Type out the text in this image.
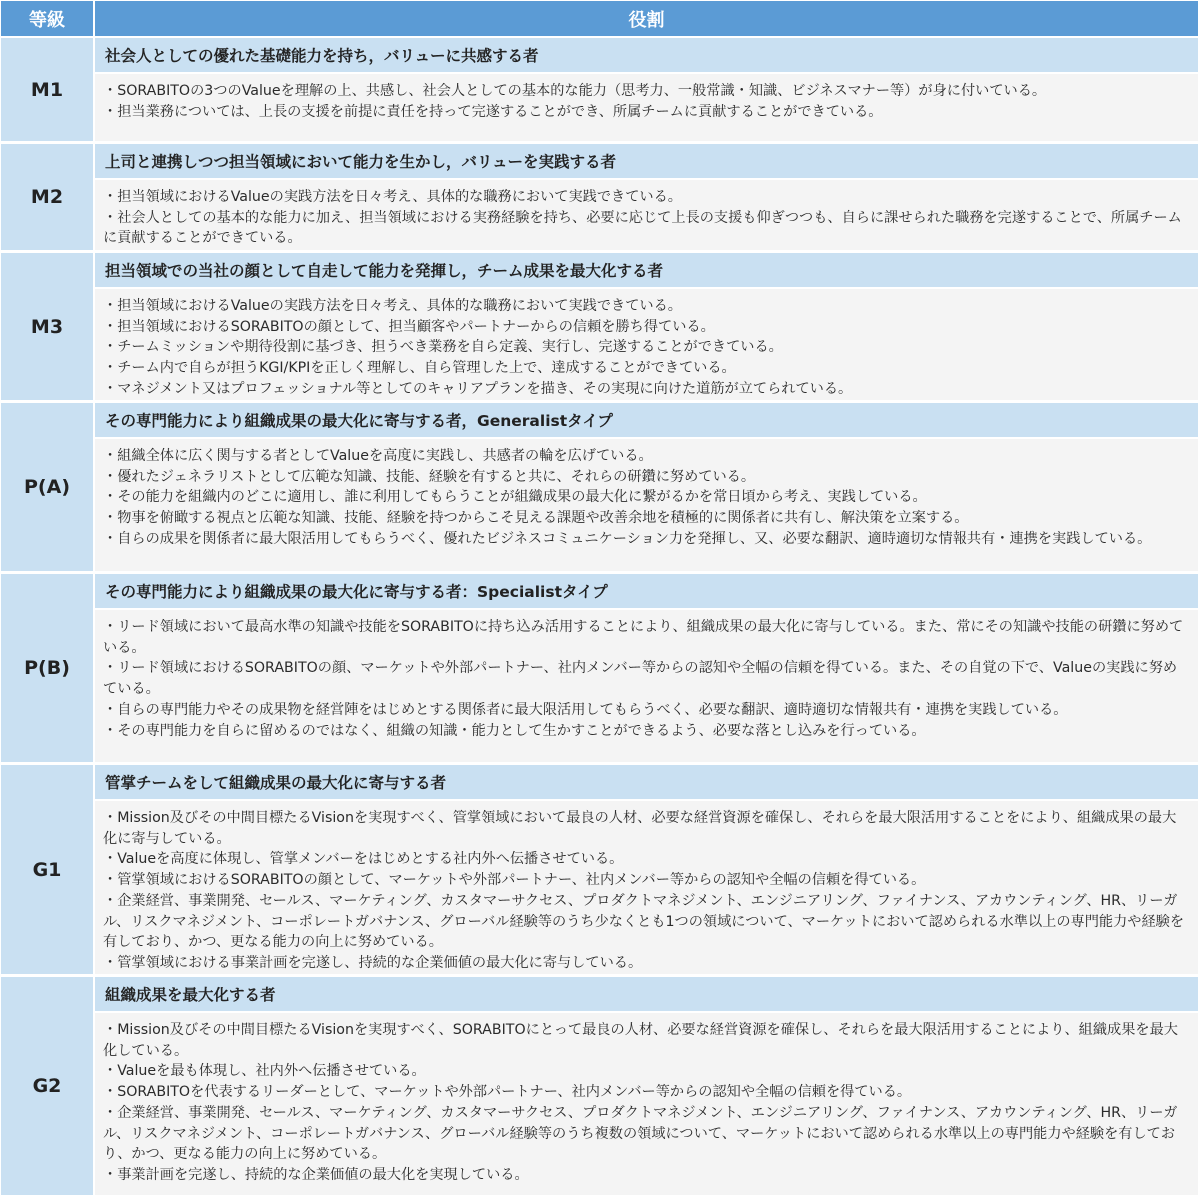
等級	役割
M1
社会人としての優れた基礎能力を持ち，バリューに共感する者

・SORABITOの3つのValueを理解の上、共感し、社会人としての基本的な能力（思考力、一般常識・知識、ビジネスマナー等）が身に付いている。

・担当業務については、上長の支援を前提に責任を持って完遂することができ、所属チームに貢献することができている。

M2
上司と連携しつつ担当領域において能力を生かし，バリューを実践する者

・担当領域におけるValueの実践方法を日々考え、具体的な職務において実践できている。

・社会人としての基本的な能力に加え、担当領域における実務経験を持ち、必要に応じて上長の支援も仰ぎつつも、自らに課せられた職務を完遂することで、所属チームに貢献することができている。

M3
担当領域での当社の顔として自走して能力を発揮し，チーム成果を最大化する者

・担当領域におけるValueの実践方法を日々考え、具体的な職務において実践できている。

・担当領域におけるSORABITOの顔として、担当顧客やパートナーからの信頼を勝ち得ている。

・チームミッションや期待役割に基づき、担うべき業務を自ら定義、実行し、完遂することができている。

・チーム内で自らが担うKGI/KPIを正しく理解し、自ら管理した上で、達成することができている。

・マネジメント又はプロフェッショナル等としてのキャリアプランを描き、その実現に向けた道筋が立てられている。

P(A)
その専門能力により組織成果の最大化に寄与する者，Generalistタイプ

・組織全体に広く関与する者としてValueを高度に実践し、共感者の輪を広げている。

・優れたジェネラリストとして広範な知識、技能、経験を有すると共に、それらの研鑽に努めている。

・その能力を組織内のどこに適用し、誰に利用してもらうことが組織成果の最大化に繋がるかを常日頃から考え、実践している。

・物事を俯瞰する視点と広範な知識、技能、経験を持つからこそ見える課題や改善余地を積極的に関係者に共有し、解決策を立案する。

・自らの成果を関係者に最大限活用してもらうべく、優れたビジネスコミュニケーション力を発揮し、又、必要な翻訳、適時適切な情報共有・連携を実践している。

P(B)
その専門能力により組織成果の最大化に寄与する者：Specialistタイプ

・リード領域において最高水準の知識や技能をSORABITOに持ち込み活用することにより、組織成果の最大化に寄与している。また、常にその知識や技能の研鑽に努めている。

・リード領域におけるSORABITOの顔、マーケットや外部パートナー、社内メンバー等からの認知や全幅の信頼を得ている。また、その自覚の下で、Valueの実践に努めている。

・自らの専門能力やその成果物を経営陣をはじめとする関係者に最大限活用してもらうべく、必要な翻訳、適時適切な情報共有・連携を実践している。

・その専門能力を自らに留めるのではなく、組織の知識・能力として生かすことができるよう、必要な落とし込みを行っている。

G1
管掌チームをして組織成果の最大化に寄与する者

・Mission及びその中間目標たるVisionを実現すべく、管掌領域において最良の人材、必要な経営資源を確保し、それらを最大限活用することをにより、組織成果の最大化に寄与している。

・Valueを高度に体現し、管掌メンバーをはじめとする社内外へ伝播させている。

・管掌領域におけるSORABITOの顔として、マーケットや外部パートナー、社内メンバー等からの認知や全幅の信頼を得ている。

・企業経営、事業開発、セールス、マーケティング、カスタマーサクセス、プロダクトマネジメント、エンジニアリング、ファイナンス、アカウンティング、HR、リーガル、リスクマネジメント、コーポレートガバナンス、グローバル経験等のうち少なくとも1つの領域について、マーケットにおいて認められる水準以上の専門能力や経験を有しており、かつ、更なる能力の向上に努めている。

・管掌領域における事業計画を完遂し、持続的な企業価値の最大化に寄与している。

G2
組織成果を最大化する者

・Mission及びその中間目標たるVisionを実現すべく、SORABITOにとって最良の人材、必要な経営資源を確保し、それらを最大限活用することにより、組織成果を最大化している。

・Valueを最も体現し、社内外へ伝播させている。

・SORABITOを代表するリーダーとして、マーケットや外部パートナー、社内メンバー等からの認知や全幅の信頼を得ている。

・企業経営、事業開発、セールス、マーケティング、カスタマーサクセス、プロダクトマネジメント、エンジニアリング、ファイナンス、アカウンティング、HR、リーガル、リスクマネジメント、コーポレートガバナンス、グローバル経験等のうち複数の領域について、マーケットにおいて認められる水準以上の専門能力や経験を有しており、かつ、更なる能力の向上に努めている。

・事業計画を完遂し、持続的な企業価値の最大化を実現している。
